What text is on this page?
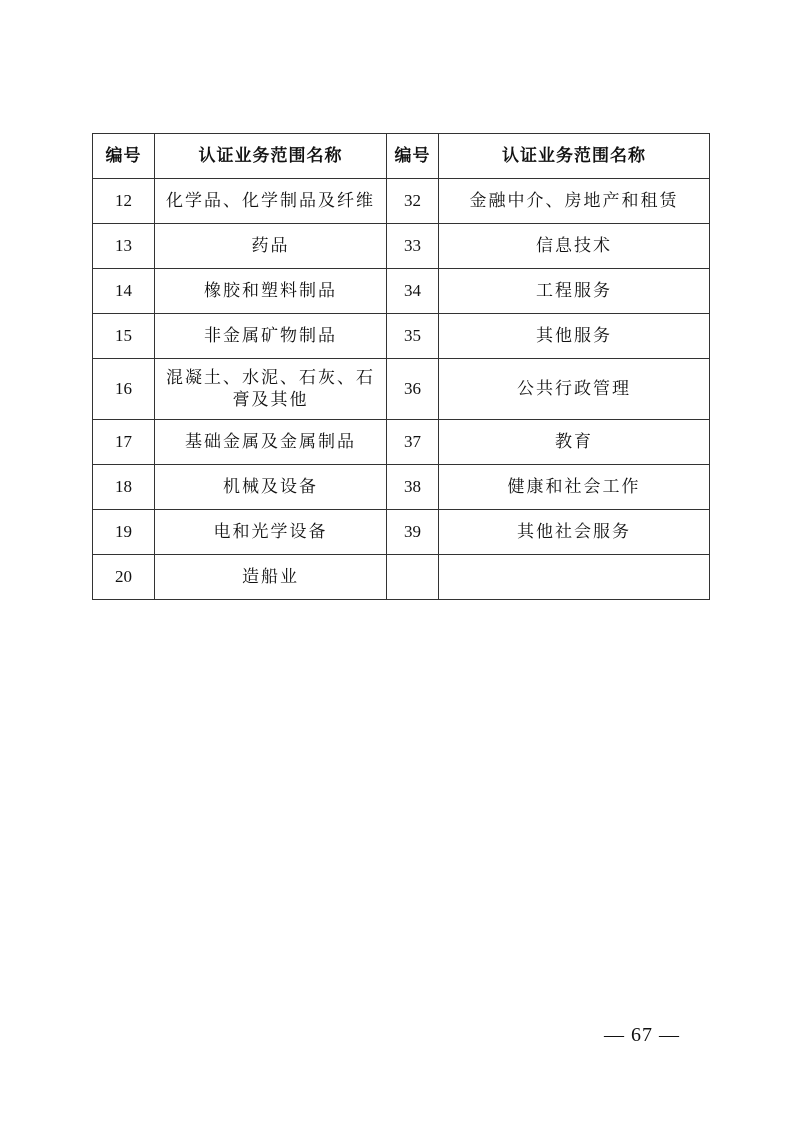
编号	认证业务范围名称	编号	认证业务范围名称
12	化学品、化学制品及纤维	32	金融中介、房地产和租赁
13	药品	33	信息技术
14	橡胶和塑料制品	34	工程服务
15	非金属矿物制品	35	其他服务
16	混凝土、水泥、石灰、石膏及其他	36	公共行政管理
17	基础金属及金属制品	37	教育
18	机械及设备	38	健康和社会工作
19	电和光学设备	39	其他社会服务
20	造船业		
— 67 —
